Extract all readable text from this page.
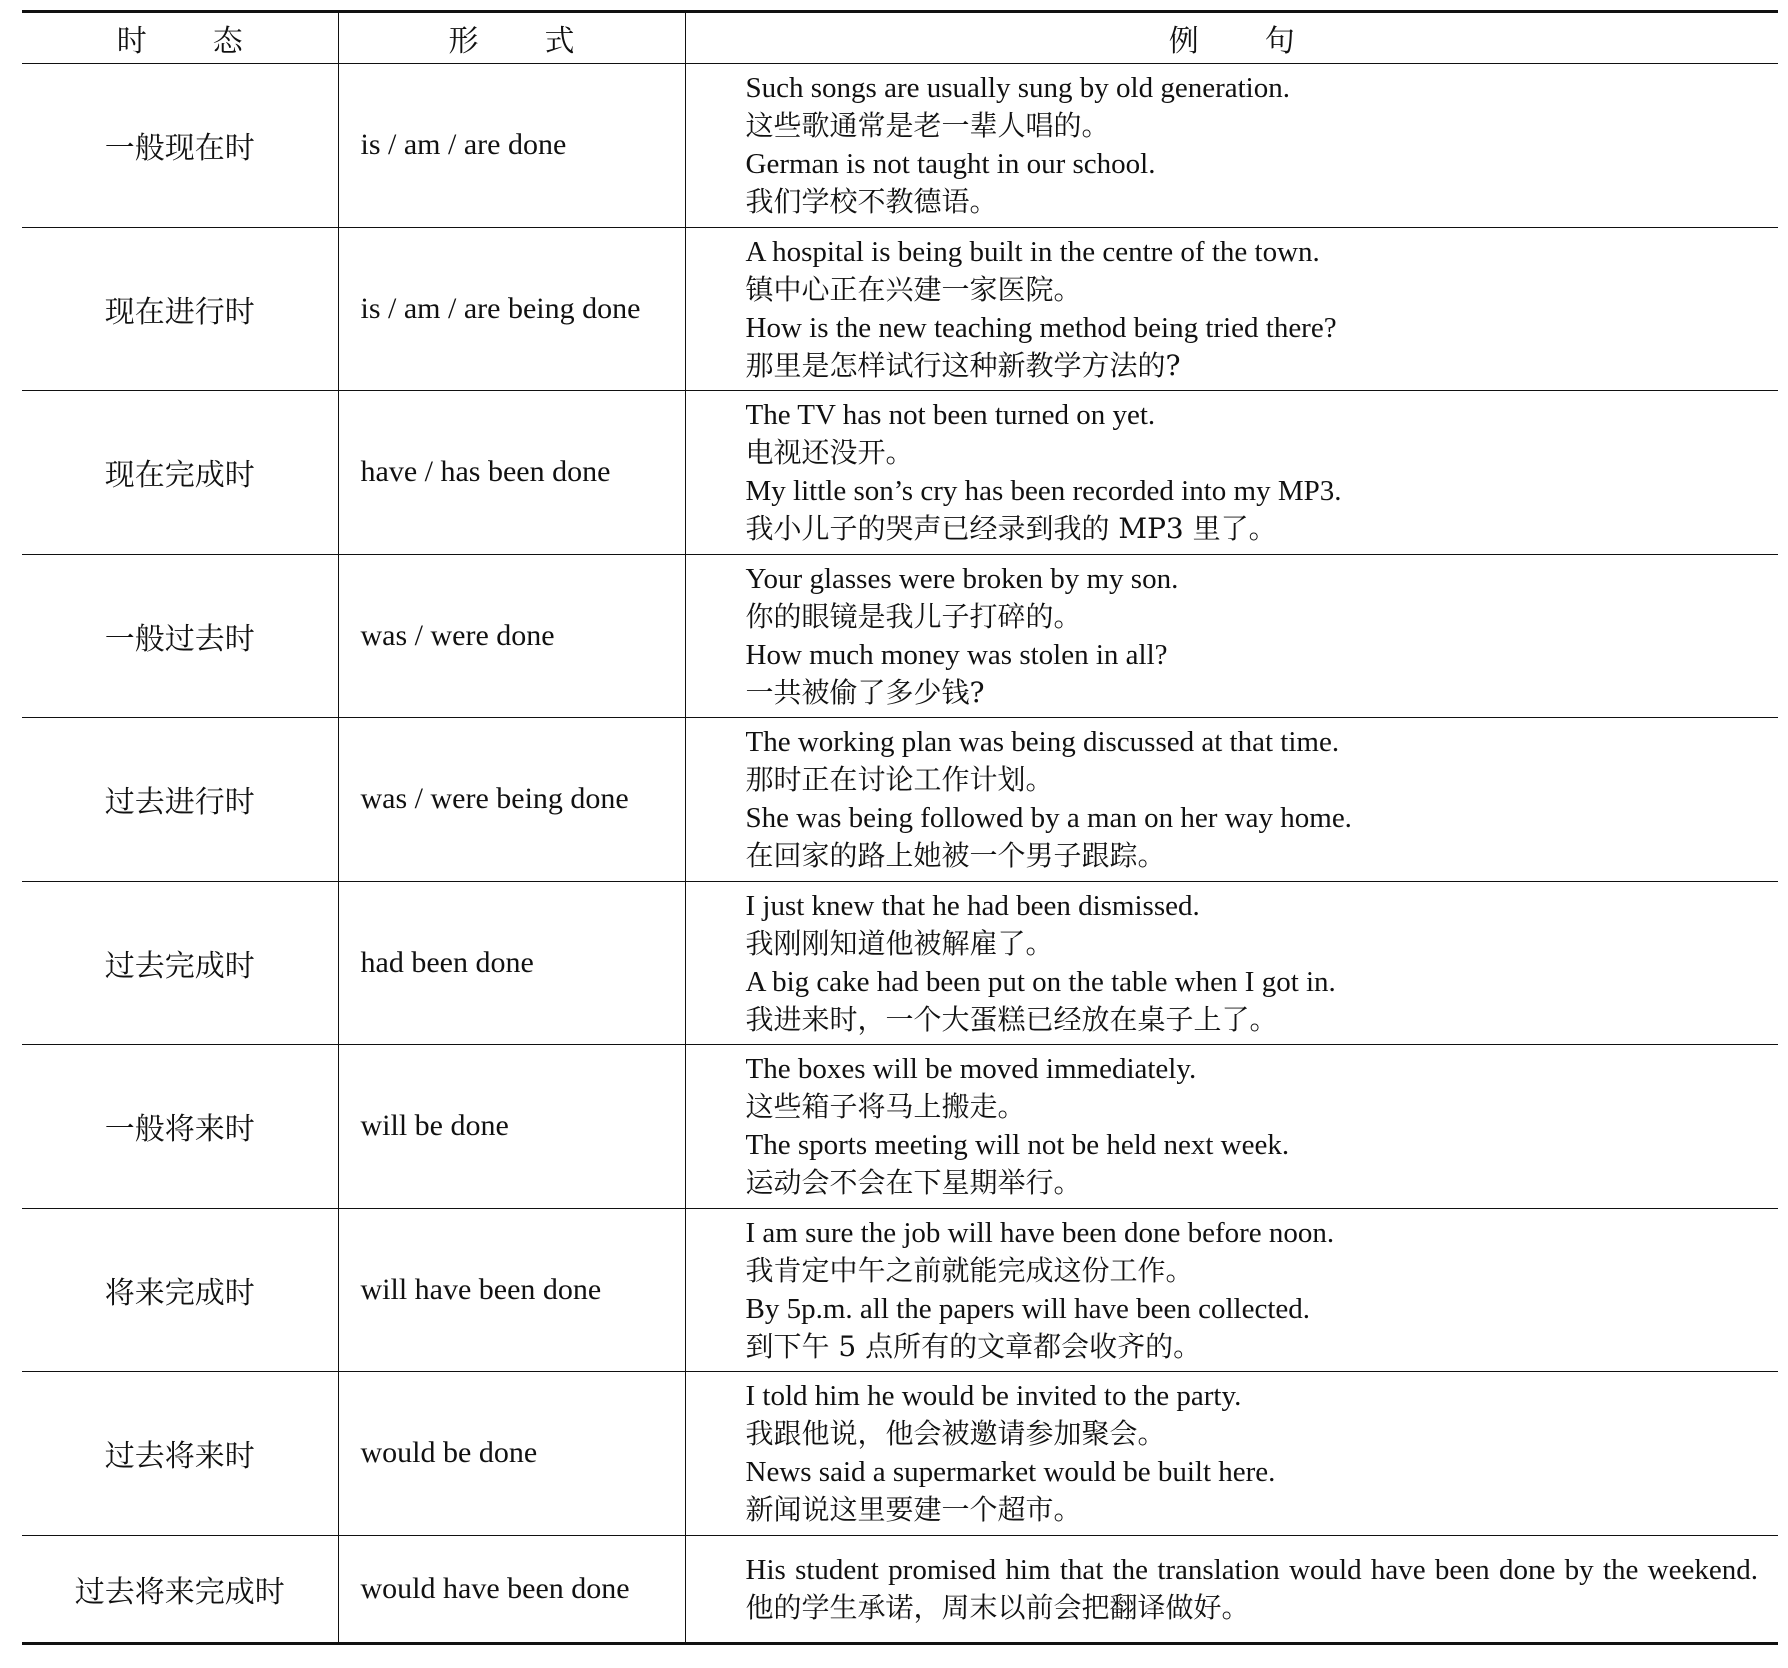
时 态	形 式	例 句
一般现在时	is / am / are done	Such songs are usually sung by old generation.
这些歌通常是老一辈人唱的。
German is not taught in our school.
我们学校不教德语。

现在进行时	is / am / are being done	A hospital is being built in the centre of the town.
镇中心正在兴建一家医院。
How is the new teaching method being tried there?
那里是怎样试行这种新教学方法的?

现在完成时	have / has been done	The TV has not been turned on yet.
电视还没开。
My little son’s cry has been recorded into my MP3.
我小儿子的哭声已经录到我的 MP3 里了。

一般过去时	was / were done	Your glasses were broken by my son.
你的眼镜是我儿子打碎的。
How much money was stolen in all?
一共被偷了多少钱?

过去进行时	was / were being done	The working plan was being discussed at that time.
那时正在讨论工作计划。
She was being followed by a man on her way home.
在回家的路上她被一个男子跟踪。

过去完成时	had been done	I just knew that he had been dismissed.
我刚刚知道他被解雇了。
A big cake had been put on the table when I got in.
我进来时，一个大蛋糕已经放在桌子上了。

一般将来时	will be done	The boxes will be moved immediately.
这些箱子将马上搬走。
The sports meeting will not be held next week.
运动会不会在下星期举行。

将来完成时	will have been done	I am sure the job will have been done before noon.
我肯定中午之前就能完成这份工作。
By 5p.m. all the papers will have been collected.
到下午 5 点所有的文章都会收齐的。

过去将来时	would be done	I told him he would be invited to the party.
我跟他说，他会被邀请参加聚会。
News said a supermarket would be built here.
新闻说这里要建一个超市。

过去将来完成时	would have been done	His student promised him that the translation would have been done by the weekend.
他的学生承诺，周末以前会把翻译做好。
